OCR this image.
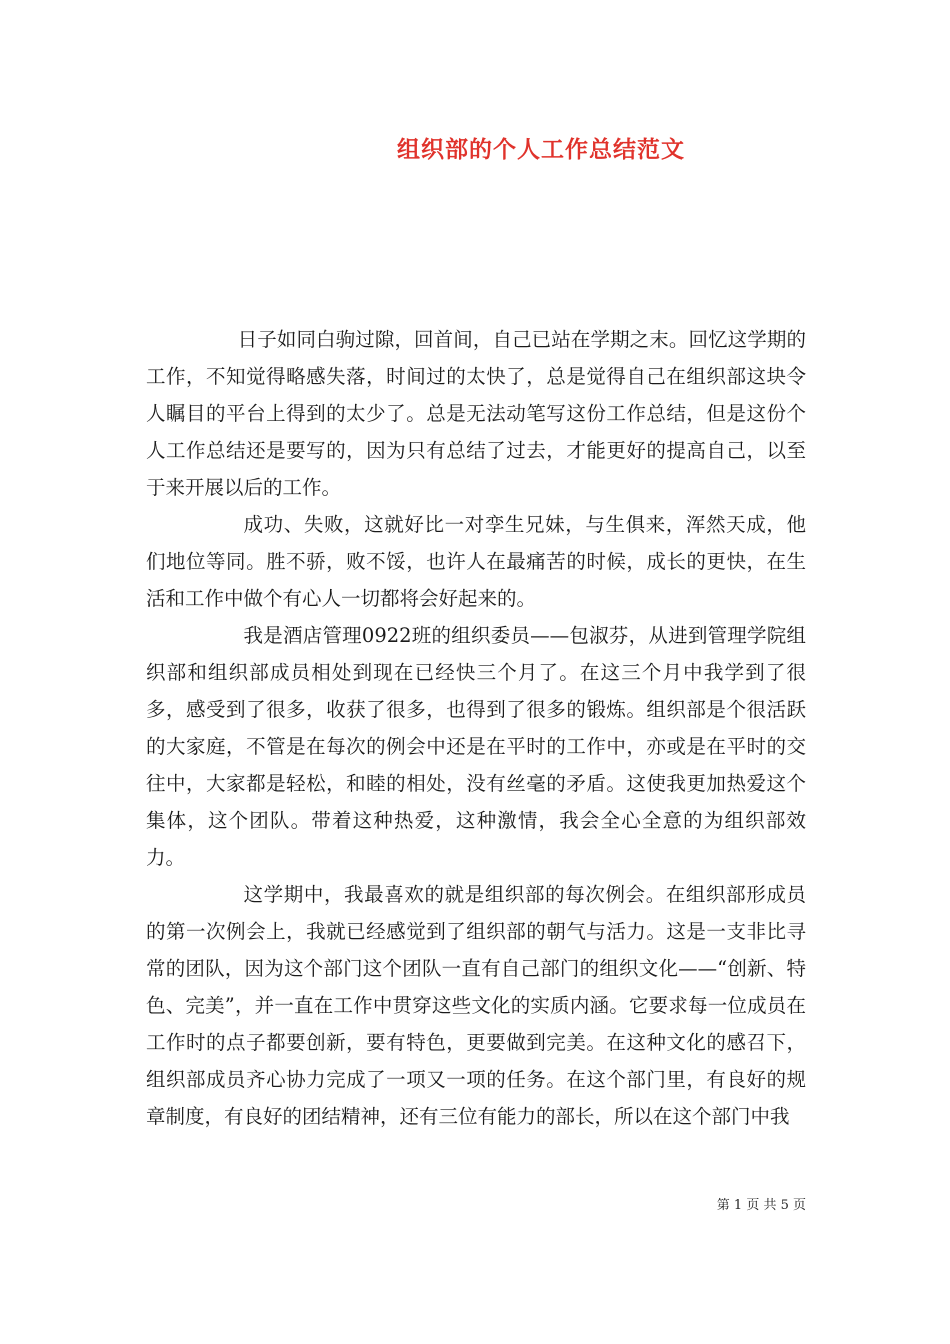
组织部的个人工作总结范文

日子如同白驹过隙，回首间，自己已站在学期之末。回忆这学期的工作，不知觉得略感失落，时间过的太快了，总是觉得自己在组织部这块令人瞩目的平台上得到的太少了。总是无法动笔写这份工作总结，但是这份个人工作总结还是要写的，因为只有总结了过去，才能更好的提高自己，以至于来开展以后的工作。

成功、失败，这就好比一对孪生兄妹，与生俱来，浑然天成，他们地位等同。胜不骄，败不馁，也许人在最痛苦的时候，成长的更快，在生活和工作中做个有心人一切都将会好起来的。

我是酒店管理0922班的组织委员——包淑芬，从进到管理学院组织部和组织部成员相处到现在已经快三个月了。在这三个月中我学到了很多，感受到了很多，收获了很多，也得到了很多的锻炼。组织部是个很活跃的大家庭，不管是在每次的例会中还是在平时的工作中，亦或是在平时的交往中，大家都是轻松，和睦的相处，没有丝毫的矛盾。这使我更加热爱这个集体，这个团队。带着这种热爱，这种激情，我会全心全意的为组织部效力。

这学期中，我最喜欢的就是组织部的每次例会。在组织部形成员的第一次例会上，我就已经感觉到了组织部的朝气与活力。这是一支非比寻常的团队，因为这个部门这个团队一直有自己部门的组织文化——“创新、特色、完美”，并一直在工作中贯穿这些文化的实质内涵。它要求每一位成员在工作时的点子都要创新，要有特色，更要做到完美。在这种文化的感召下，组织部成员齐心协力完成了一项又一项的任务。在这个部门里，有良好的规章制度，有良好的团结精神，还有三位有能力的部长，所以在这个部门中我

第 1 页 共 5 页
